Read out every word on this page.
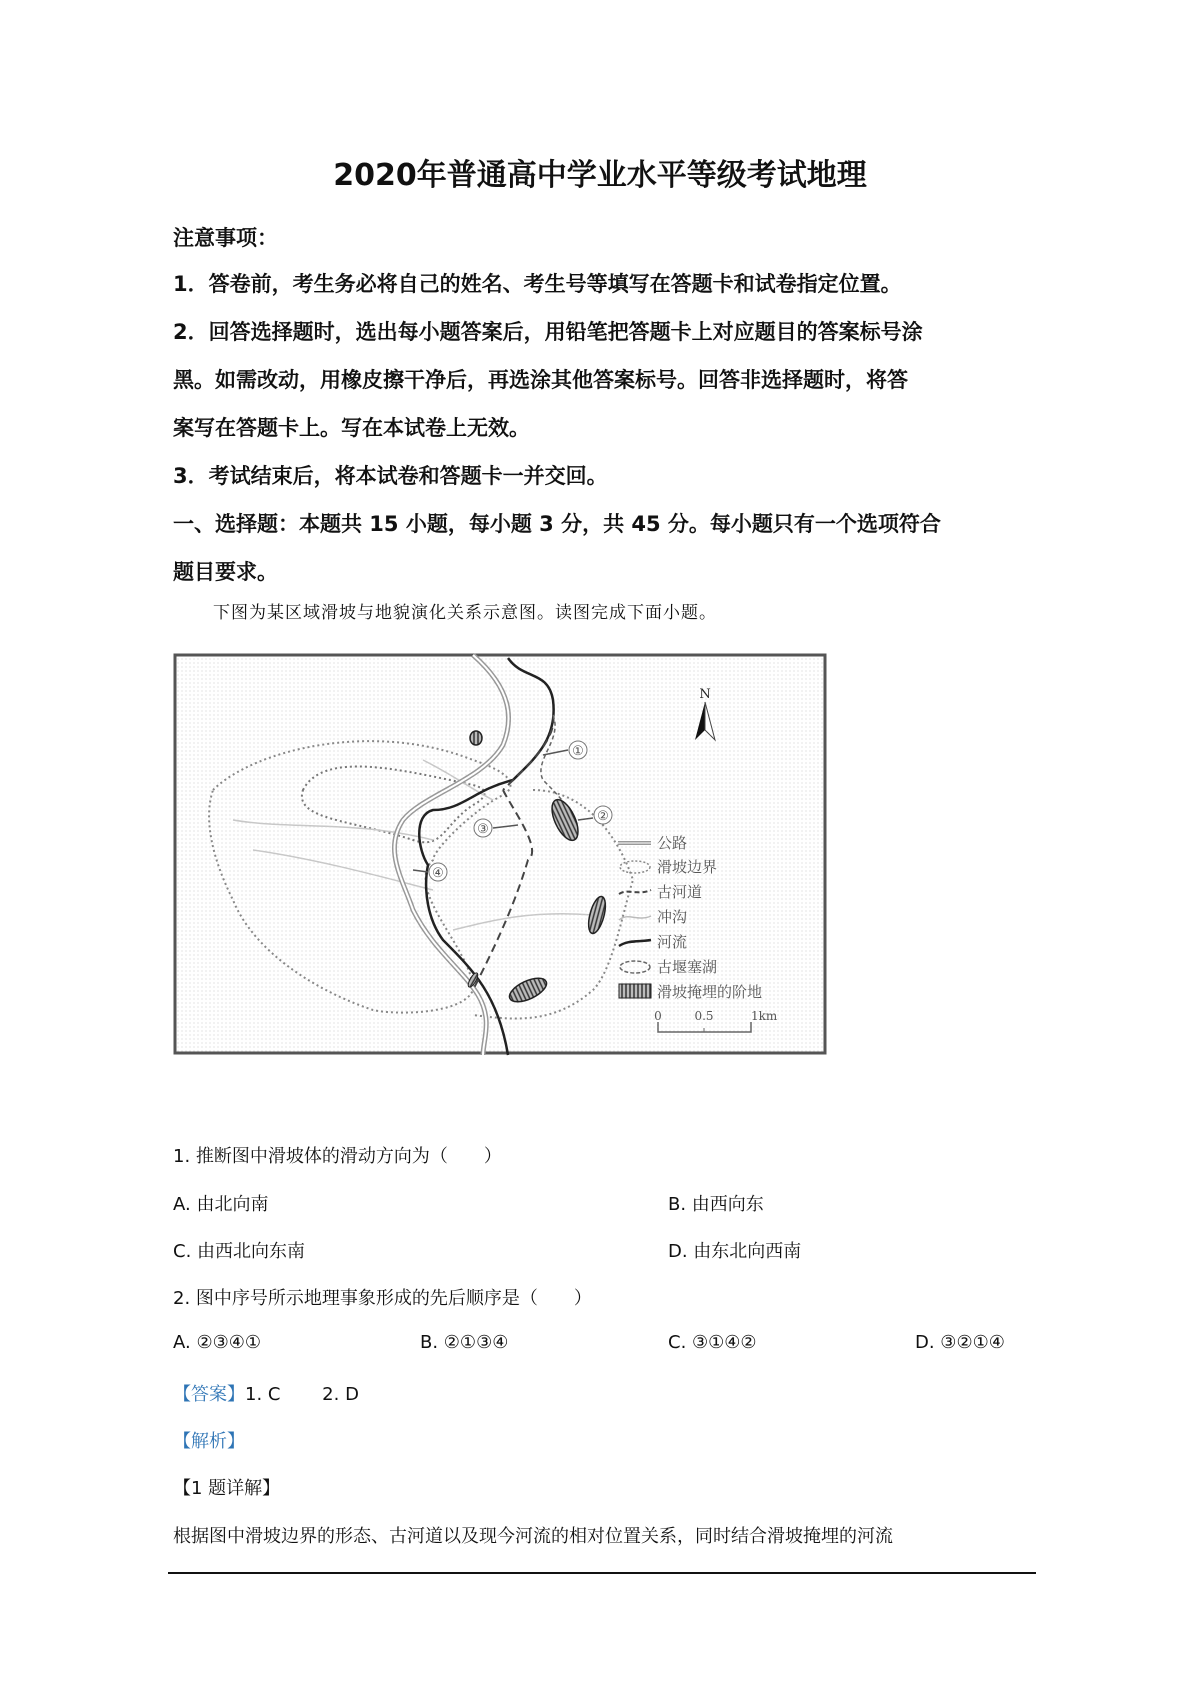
2020年普通高中学业水平等级考试地理
注意事项：
1．答卷前，考生务必将自己的姓名、考生号等填写在答题卡和试卷指定位置。
2．回答选择题时，选出每小题答案后，用铅笔把答题卡上对应题目的答案标号涂
黑。如需改动，用橡皮擦干净后，再选涂其他答案标号。回答非选择题时，将答
案写在答题卡上。写在本试卷上无效。
3．考试结束后，将本试卷和答题卡一并交回。
一、选择题：本题共 15 小题，每小题 3 分，共 45 分。每小题只有一个选项符合
题目要求。
下图为某区域滑坡与地貌演化关系示意图。读图完成下面小题。
①
②
③
④
N
公路
滑坡边界
古河道
冲沟
河流
古堰塞湖
滑坡掩埋的阶地
0	0.5	1km
1. 推断图中滑坡体的滑动方向为（　　）
A. 由北向南	B. 由西向东
C. 由西北向东南	D. 由东北向西南
2. 图中序号所示地理事象形成的先后顺序是（　　）
A. ②③④①	B. ②①③④	C. ③①④②	D. ③②①④
【答案】1. C　　 2. D
【解析】
【1 题详解】
根据图中滑坡边界的形态、古河道以及现今河流的相对位置关系，同时结合滑坡掩埋的河流
